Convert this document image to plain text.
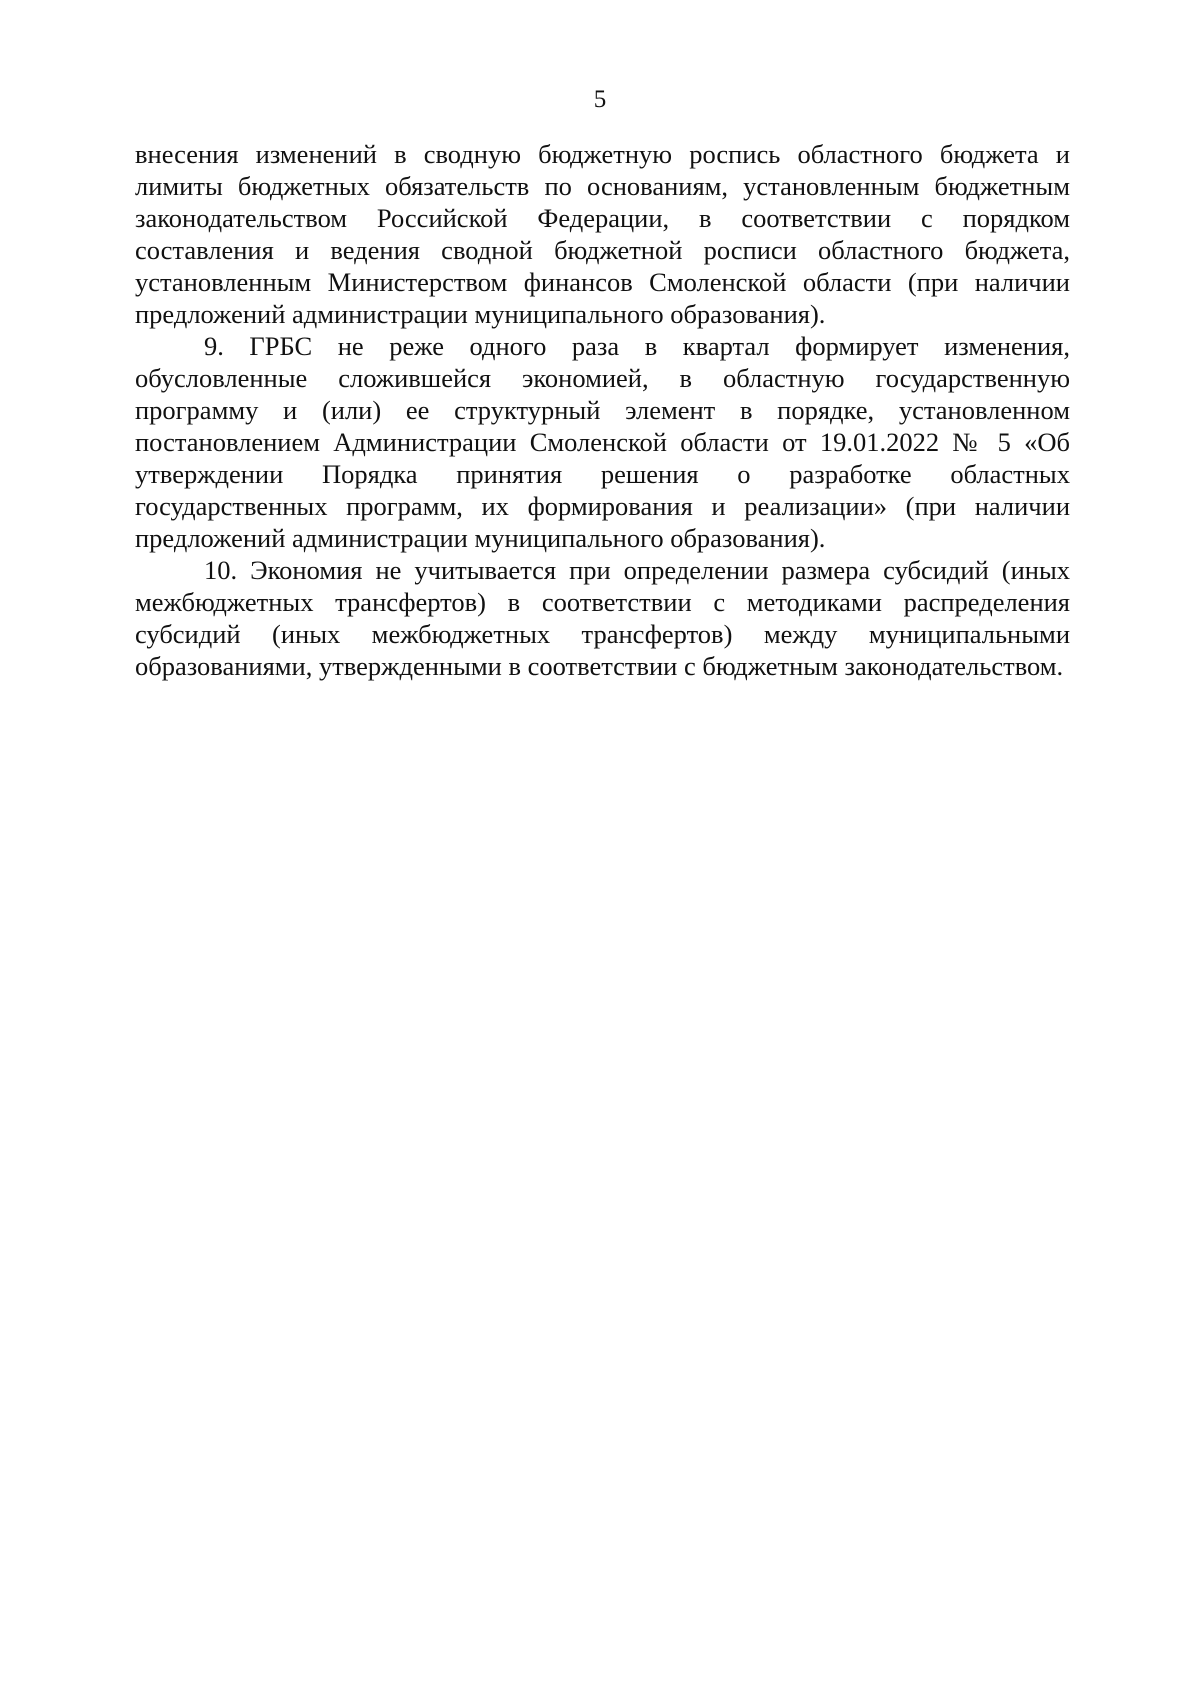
5

внесения изменений в сводную бюджетную роспись областного бюджета и лимиты бюджетных обязательств по основаниям, установленным бюджетным законодательством Российской Федерации, в соответствии с порядком составления и ведения сводной бюджетной росписи областного бюджета, установленным Министерством финансов Смоленской области (при наличии предложений администрации муниципального образования).

9. ГРБС не реже одного раза в квартал формирует изменения, обусловленные сложившейся экономией, в областную государственную программу и (или) ее структурный элемент в порядке, установленном постановлением Администрации Смоленской области от 19.01.2022 № 5 «Об утверждении Порядка принятия решения о разработке областных государственных программ, их формирования и реализации» (при наличии предложений администрации муниципального образования).

10. Экономия не учитывается при определении размера субсидий (иных межбюджетных трансфертов) в соответствии с методиками распределения субсидий (иных межбюджетных трансфертов) между муниципальными образованиями, утвержденными в соответствии с бюджетным законодательством.
